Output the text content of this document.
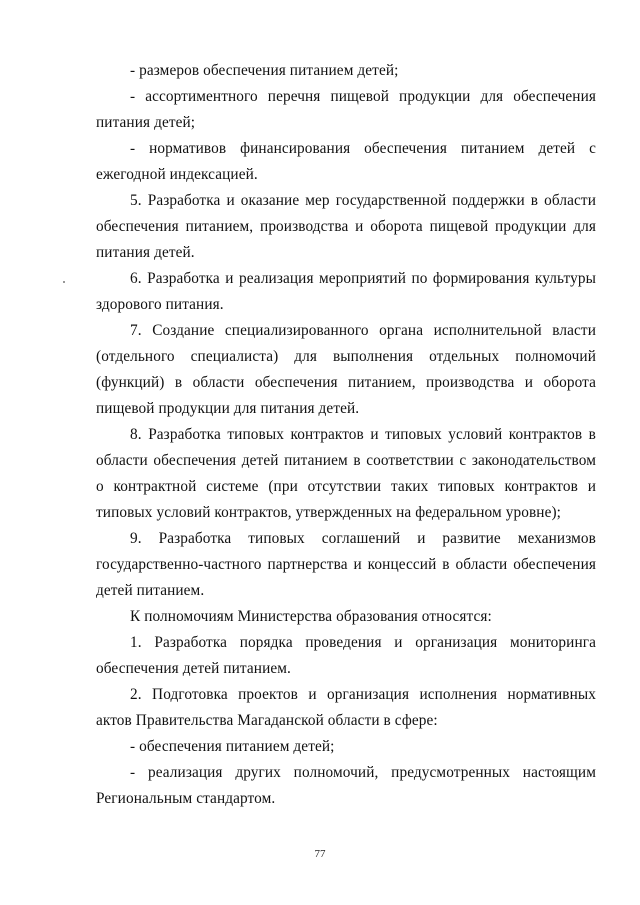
- размеров обеспечения питанием детей;

- ассортиментного перечня пищевой продукции для обеспечения питания детей;

- нормативов финансирования обеспечения питанием детей с ежегодной индексацией.

5. Разработка и оказание мер государственной поддержки в области обеспечения питанием, производства и оборота пищевой продукции для питания детей.

6. Разработка и реализация мероприятий по формирования культуры здорового питания.

7. Создание специализированного органа исполнительной власти (отдельного специалиста) для выполнения отдельных полномочий (функций) в области обеспечения питанием, производства и оборота пищевой продукции для питания детей.

8. Разработка типовых контрактов и типовых условий контрактов в области обеспечения детей питанием в соответствии с законодательством о контрактной системе (при отсутствии таких типовых контрактов и типовых условий контрактов, утвержденных на федеральном уровне);

9. Разработка типовых соглашений и развитие механизмов государственно-частного партнерства и концессий в области обеспечения детей питанием.

К полномочиям Министерства образования относятся:

1. Разработка порядка проведения и организация мониторинга обеспечения детей питанием.

2. Подготовка проектов и организация исполнения нормативных актов Правительства Магаданской области в сфере:

- обеспечения питанием детей;

- реализация других полномочий, предусмотренных настоящим Региональным стандартом.

77
